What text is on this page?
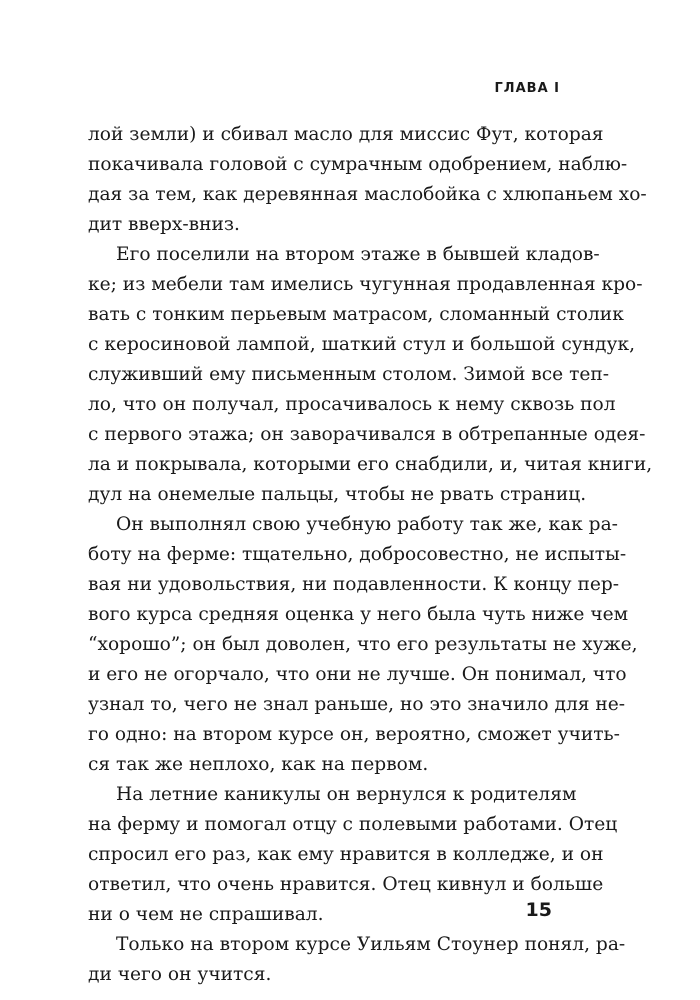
ГЛАВА I
лой земли) и сбивал масло для миссис Фут, которая
покачивала головой с сумрачным одобрением, наблю-
дая за тем, как деревянная маслобойка с хлюпаньем хо-
дит вверх-вниз.
Его поселили на втором этаже в бывшей кладов-
ке; из мебели там имелись чугунная продавленная кро-
вать с тонким перьевым матрасом, сломанный столик
с керосиновой лампой, шаткий стул и большой сундук,
служивший ему письменным столом. Зимой все теп-
ло, что он получал, просачивалось к нему сквозь пол
с первого этажа; он заворачивался в обтрепанные одея-
ла и покрывала, которыми его снабдили, и, читая книги,
дул на онемелые пальцы, чтобы не рвать страниц.
Он выполнял свою учебную работу так же, как ра-
боту на ферме: тщательно, добросовестно, не испыты-
вая ни удовольствия, ни подавленности. К концу пер-
вого курса средняя оценка у него была чуть ниже чем
“хорошо”; он был доволен, что его результаты не хуже,
и его не огорчало, что они не лучше. Он понимал, что
узнал то, чего не знал раньше, но это значило для не-
го одно: на втором курсе он, вероятно, сможет учить-
ся так же неплохо, как на первом.
На летние каникулы он вернулся к родителям
на ферму и помогал отцу с полевыми работами. Отец
спросил его раз, как ему нравится в колледже, и он
ответил, что очень нравится. Отец кивнул и больше
ни о чем не спрашивал.
Только на втором курсе Уильям Стоунер понял, ра-
ди чего он учится.
15
